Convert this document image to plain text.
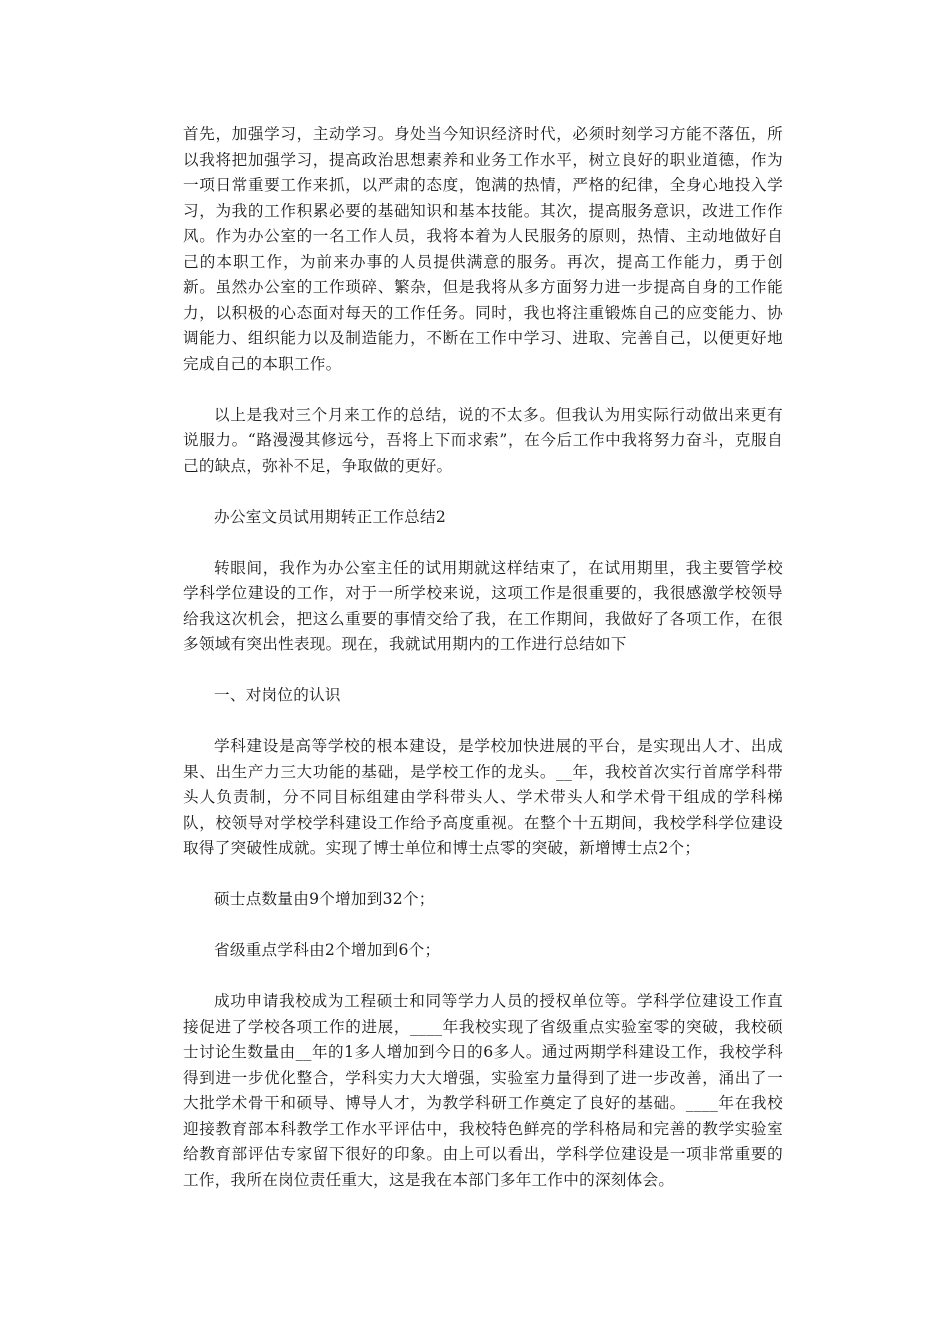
首先，加强学习，主动学习。身处当今知识经济时代，必须时刻学习方能不落伍，所以我将把加强学习，提高政治思想素养和业务工作水平，树立良好的职业道德，作为一项日常重要工作来抓，以严肃的态度，饱满的热情，严格的纪律，全身心地投入学习，为我的工作积累必要的基础知识和基本技能。其次，提高服务意识，改进工作作风。作为办公室的一名工作人员，我将本着为人民服务的原则，热情、主动地做好自己的本职工作，为前来办事的人员提供满意的服务。再次，提高工作能力，勇于创新。虽然办公室的工作琐碎、繁杂，但是我将从多方面努力进一步提高自身的工作能力，以积极的心态面对每天的工作任务。同时，我也将注重锻炼自己的应变能力、协调能力、组织能力以及制造能力，不断在工作中学习、进取、完善自己，以便更好地完成自己的本职工作。

以上是我对三个月来工作的总结，说的不太多。但我认为用实际行动做出来更有说服力。“路漫漫其修远兮，吾将上下而求索”，在今后工作中我将努力奋斗，克服自己的缺点，弥补不足，争取做的更好。

办公室文员试用期转正工作总结2

转眼间，我作为办公室主任的试用期就这样结束了，在试用期里，我主要管学校学科学位建设的工作，对于一所学校来说，这项工作是很重要的，我很感激学校领导给我这次机会，把这么重要的事情交给了我，在工作期间，我做好了各项工作，在很多领域有突出性表现。现在，我就试用期内的工作进行总结如下

一、对岗位的认识

学科建设是高等学校的根本建设，是学校加快进展的平台，是实现出人才、出成果、出生产力三大功能的基础，是学校工作的龙头。__年，我校首次实行首席学科带头人负责制，分不同目标组建由学科带头人、学术带头人和学术骨干组成的学科梯队，校领导对学校学科建设工作给予高度重视。在整个十五期间，我校学科学位建设取得了突破性成就。实现了博士单位和博士点零的突破，新增博士点2个；

硕士点数量由9个增加到32个；

省级重点学科由2个增加到6个；

成功申请我校成为工程硕士和同等学力人员的授权单位等。学科学位建设工作直接促进了学校各项工作的进展，____年我校实现了省级重点实验室零的突破，我校硕士讨论生数量由__年的1多人增加到今日的6多人。通过两期学科建设工作，我校学科得到进一步优化整合，学科实力大大增强，实验室力量得到了进一步改善，涌出了一大批学术骨干和硕导、博导人才，为教学科研工作奠定了良好的基础。____年在我校迎接教育部本科教学工作水平评估中，我校特色鲜亮的学科格局和完善的教学实验室给教育部评估专家留下很好的印象。由上可以看出，学科学位建设是一项非常重要的工作，我所在岗位责任重大，这是我在本部门多年工作中的深刻体会。
